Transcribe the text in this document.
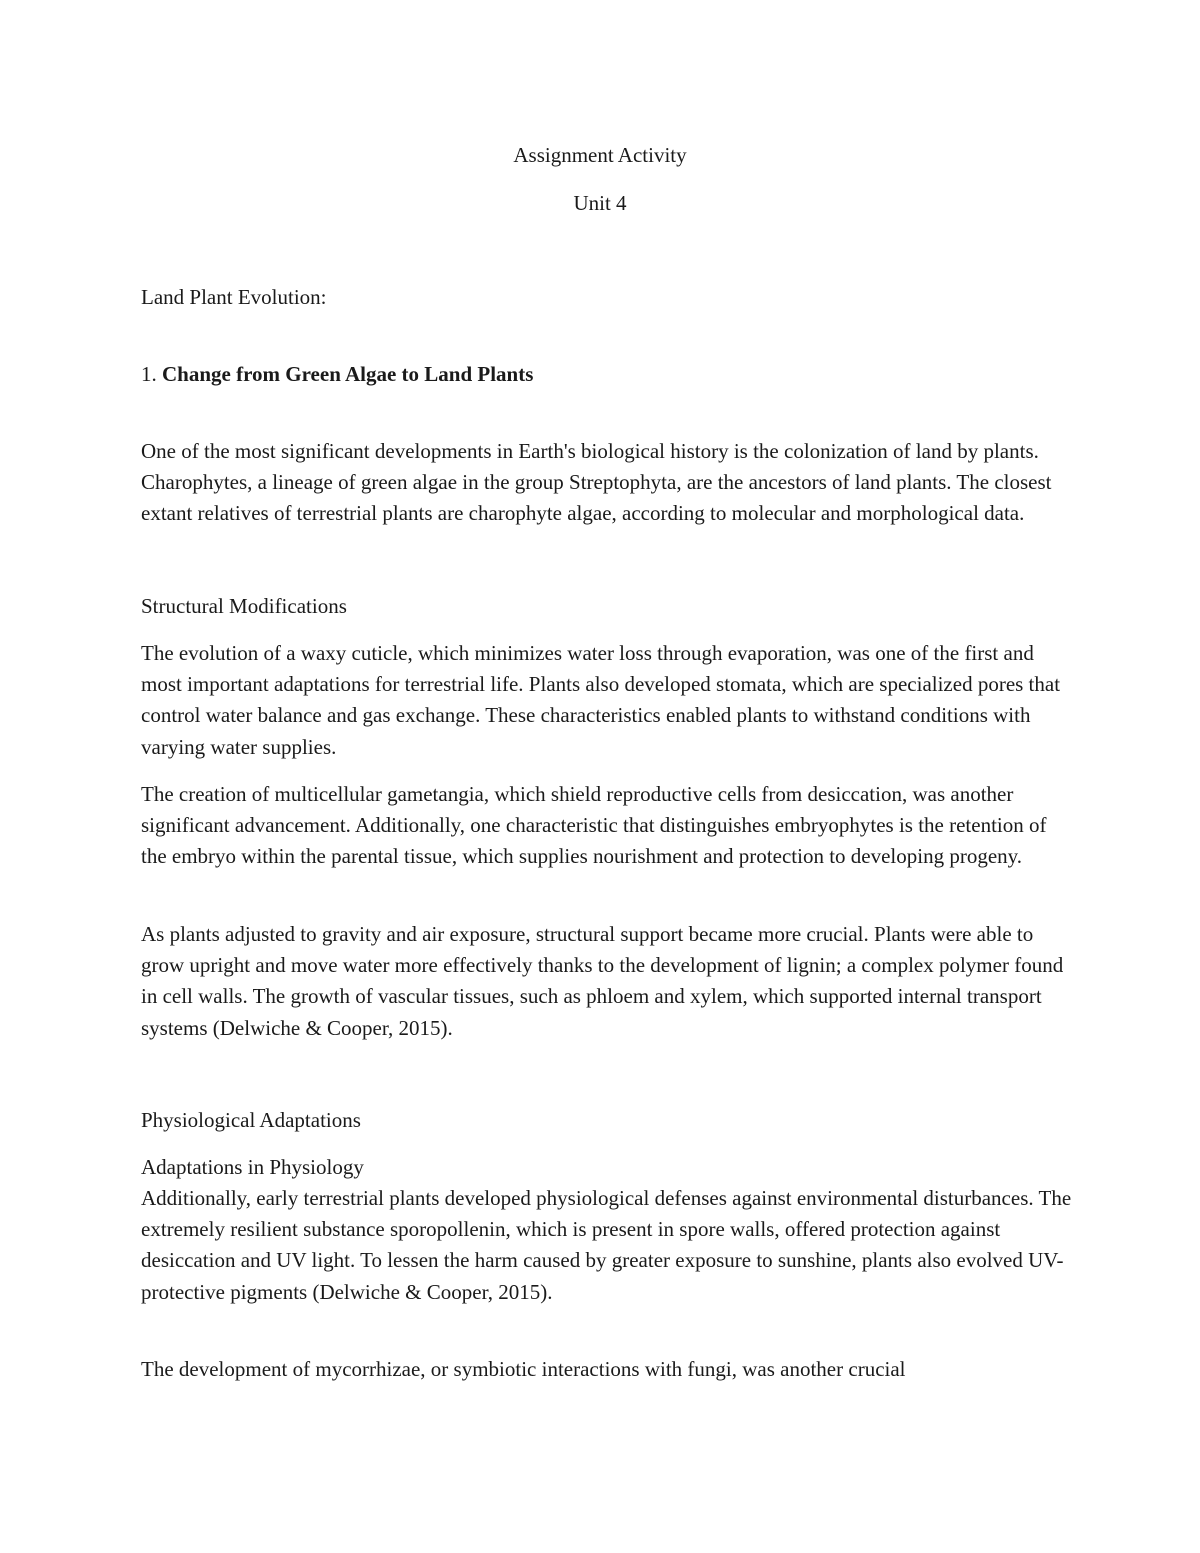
Assignment Activity
Unit 4

Land Plant Evolution:

1. Change from Green Algae to Land Plants

One of the most significant developments in Earth's biological history is the colonization of land by plants. Charophytes, a lineage of green algae in the group Streptophyta, are the ancestors of land plants. The closest extant relatives of terrestrial plants are charophyte algae, according to molecular and morphological data.

Structural Modifications

The evolution of a waxy cuticle, which minimizes water loss through evaporation, was one of the first and most important adaptations for terrestrial life. Plants also developed stomata, which are specialized pores that control water balance and gas exchange. These characteristics enabled plants to withstand conditions with varying water supplies.

The creation of multicellular gametangia, which shield reproductive cells from desiccation, was another significant advancement. Additionally, one characteristic that distinguishes embryophytes is the retention of the embryo within the parental tissue, which supplies nourishment and protection to developing progeny.

As plants adjusted to gravity and air exposure, structural support became more crucial. Plants were able to grow upright and move water more effectively thanks to the development of lignin; a complex polymer found in cell walls. The growth of vascular tissues, such as phloem and xylem, which supported internal transport systems (Delwiche & Cooper, 2015).

Physiological Adaptations

Adaptations in Physiology

Additionally, early terrestrial plants developed physiological defenses against environmental disturbances. The extremely resilient substance sporopollenin, which is present in spore walls, offered protection against desiccation and UV light. To lessen the harm caused by greater exposure to sunshine, plants also evolved UV-protective pigments (Delwiche & Cooper, 2015).

The development of mycorrhizae, or symbiotic interactions with fungi, was another crucial
